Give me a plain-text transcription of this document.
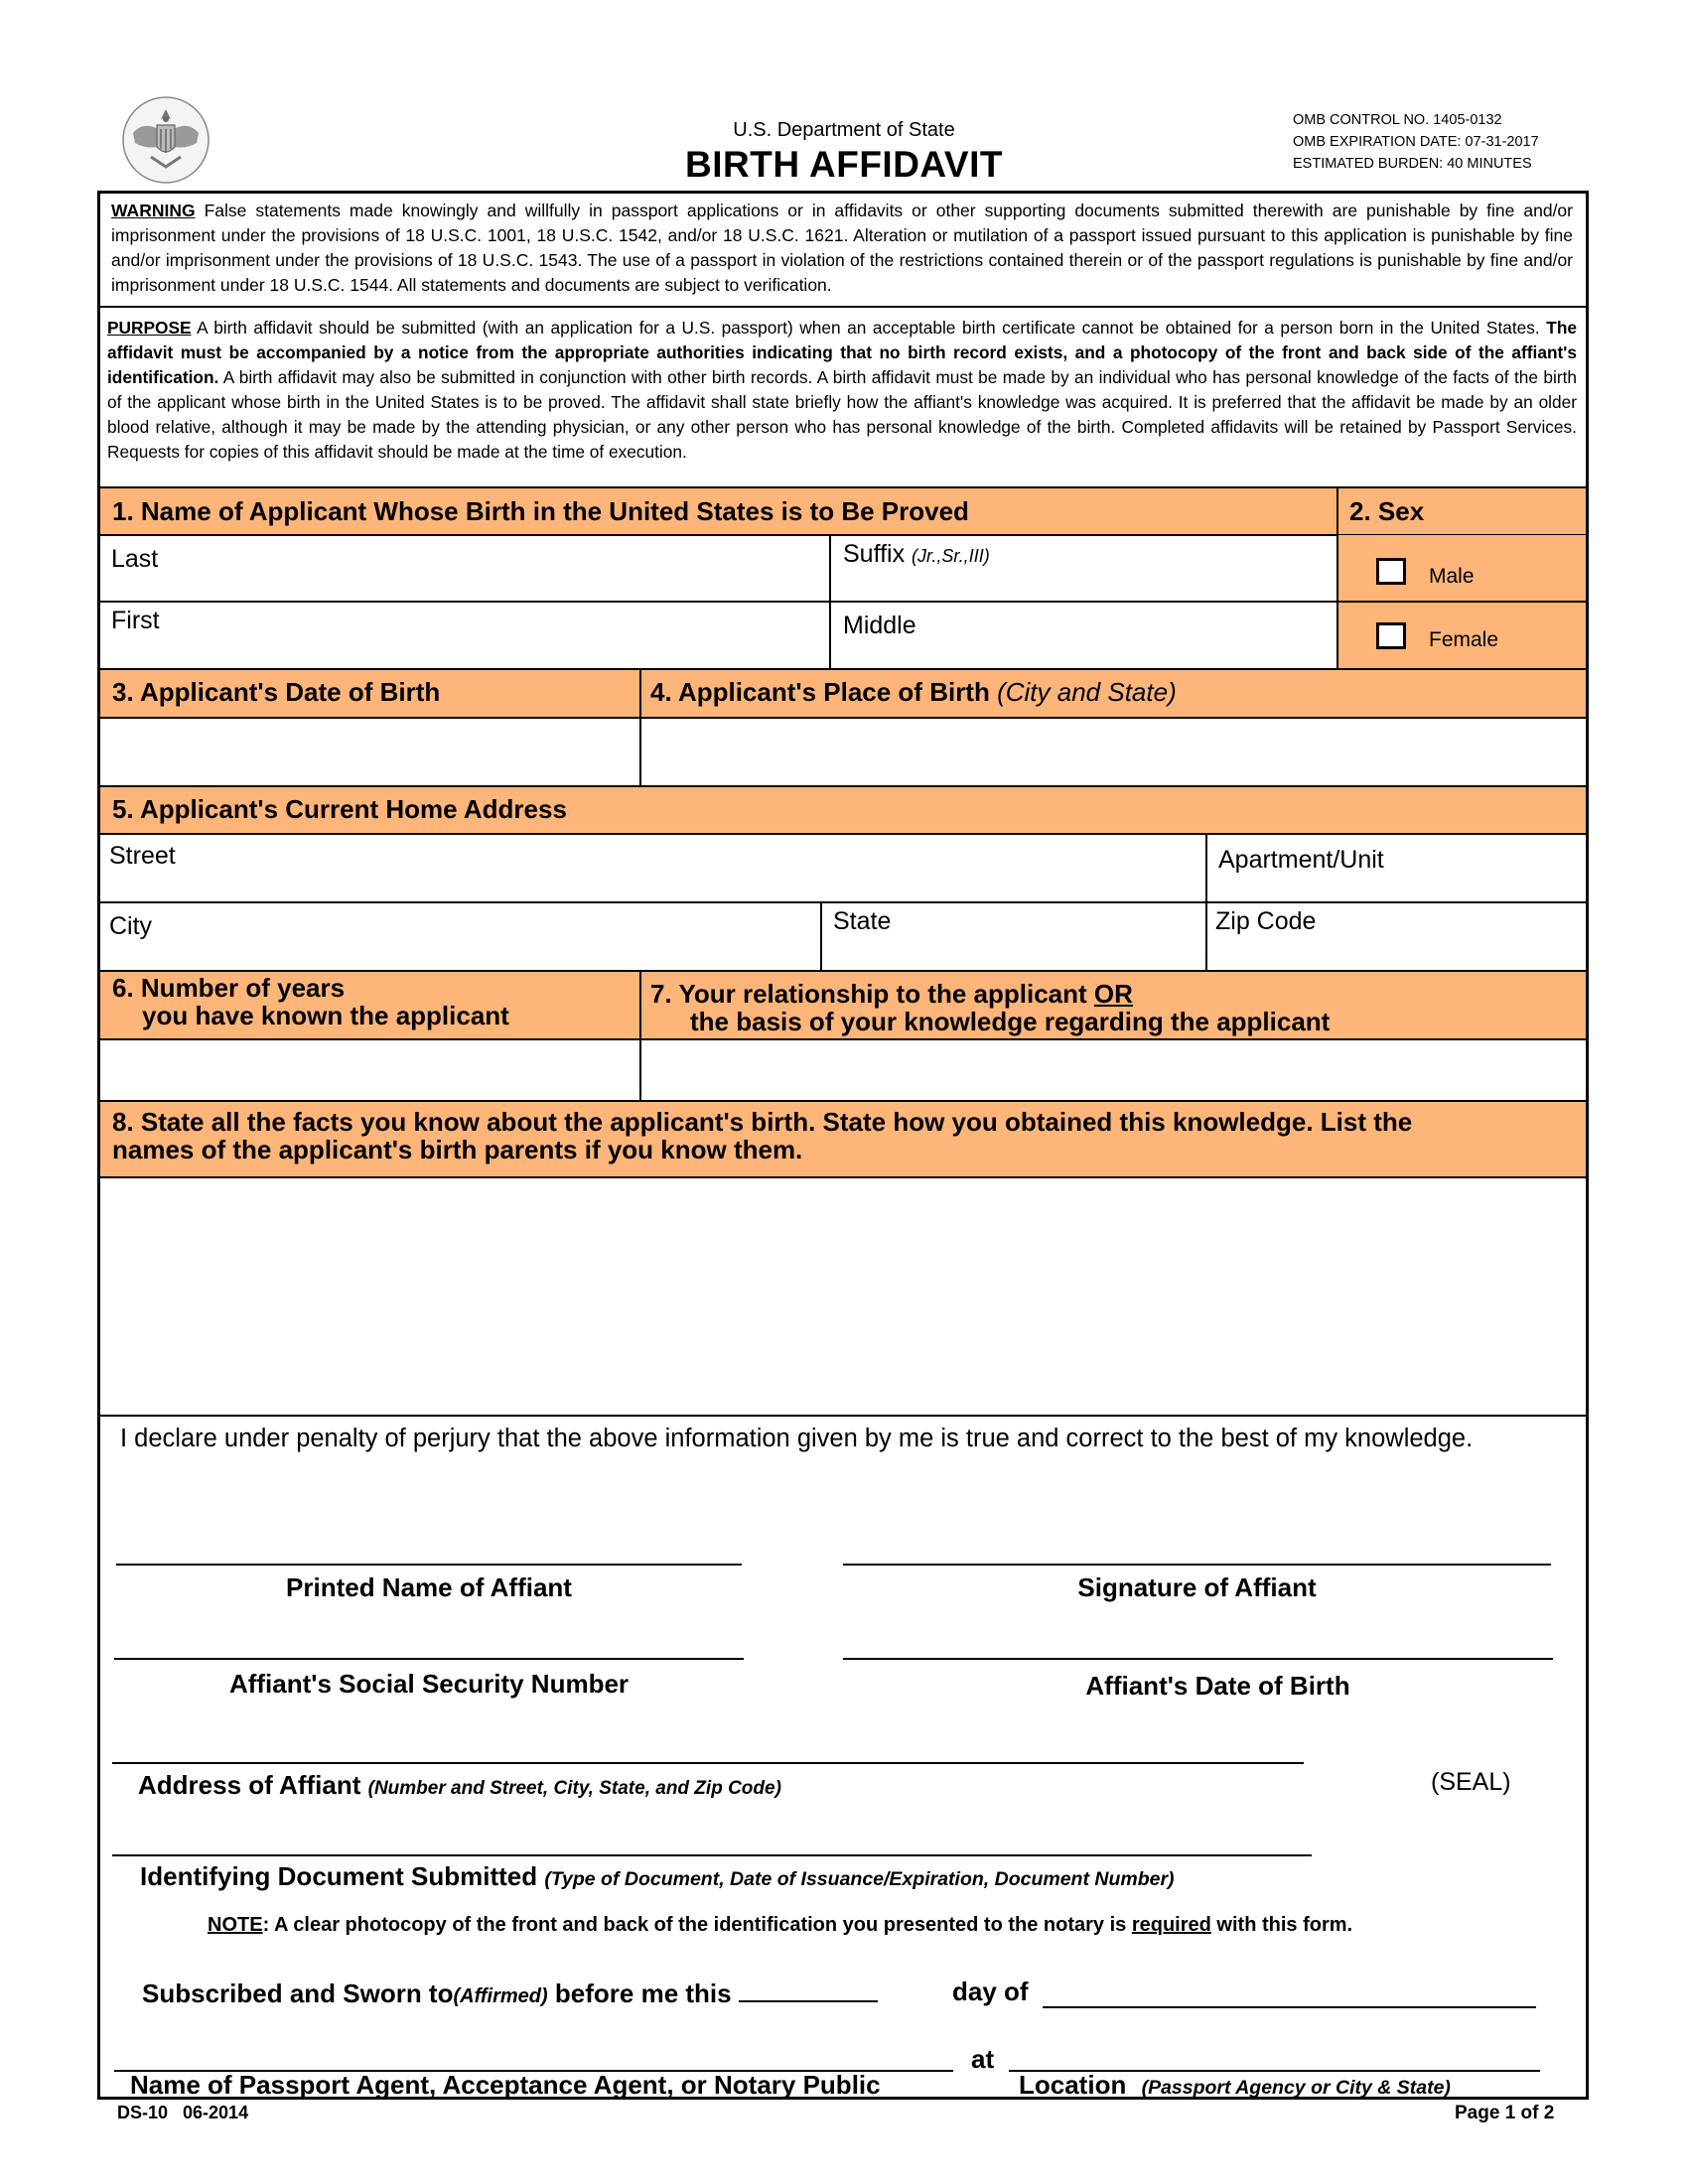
U.S. Department of State
BIRTH AFFIDAVIT
OMB CONTROL NO. 1405-0132
OMB EXPIRATION DATE: 07-31-2017
ESTIMATED BURDEN: 40 MINUTES
WARNING False statements made knowingly and willfully in passport applications or in affidavits or other supporting documents submitted therewith are punishable by fine and/or imprisonment under the provisions of 18 U.S.C. 1001, 18 U.S.C. 1542, and/or 18 U.S.C. 1621. Alteration or mutilation of a passport issued pursuant to this application is punishable by fine and/or imprisonment under the provisions of 18 U.S.C. 1543. The use of a passport in violation of the restrictions contained therein or of the passport regulations is punishable by fine and/or imprisonment under 18 U.S.C. 1544. All statements and documents are subject to verification.
PURPOSE A birth affidavit should be submitted (with an application for a U.S. passport) when an acceptable birth certificate cannot be obtained for a person born in the United States. The affidavit must be accompanied by a notice from the appropriate authorities indicating that no birth record exists, and a photocopy of the front and back side of the affiant's identification. A birth affidavit may also be submitted in conjunction with other birth records. A birth affidavit must be made by an individual who has personal knowledge of the facts of the birth of the applicant whose birth in the United States is to be proved. The affidavit shall state briefly how the affiant's knowledge was acquired. It is preferred that the affidavit be made by an older blood relative, although it may be made by the attending physician, or any other person who has personal knowledge of the birth. Completed affidavits will be retained by Passport Services. Requests for copies of this affidavit should be made at the time of execution.
1. Name of Applicant Whose Birth in the United States is to Be Proved	2. Sex
Last	Suffix (Jr.,Sr.,III)
First	Middle
Male
Female
3. Applicant's Date of Birth	4. Applicant's Place of Birth (City and State)
5. Applicant's Current Home Address
Street	Apartment/Unit
City	State	Zip Code
6. Number of years
you have known the applicant
7. Your relationship to the applicant OR
the basis of your knowledge regarding the applicant
8. State all the facts you know about the applicant's birth. State how you obtained this knowledge. List the
names of the applicant's birth parents if you know them.
I declare under penalty of perjury that the above information given by me is true and correct to the best of my knowledge.
Printed Name of Affiant	Signature of Affiant
Affiant's Social Security Number	Affiant's Date of Birth
Address of Affiant (Number and Street, City, State, and Zip Code)	(SEAL)
Identifying Document Submitted (Type of Document, Date of Issuance/Expiration, Document Number)
NOTE: A clear photocopy of the front and back of the identification you presented to the notary is required with this form.
Subscribed and Sworn to(Affirmed) before me this	day of
at
Name of Passport Agent, Acceptance Agent, or Notary Public	Location (Passport Agency or City & State)
DS-10   06-2014	Page 1 of 2
